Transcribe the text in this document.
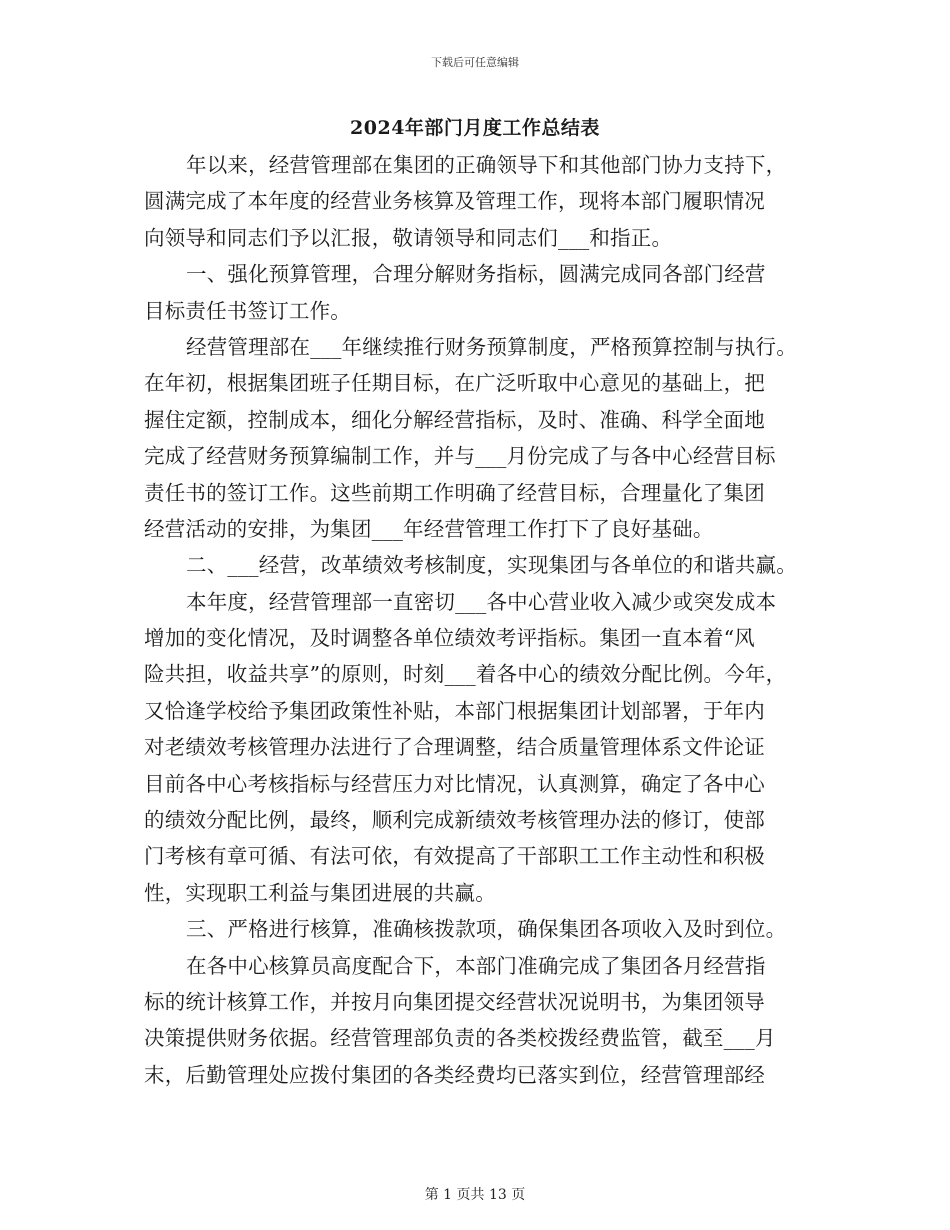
下载后可任意编辑
2024年部门月度工作总结表
年以来，经营管理部在集团的正确领导下和其他部门协力支持下，
圆满完成了本年度的经营业务核算及管理工作，现将本部门履职情况
向领导和同志们予以汇报，敬请领导和同志们___和指正。
一、强化预算管理，合理分解财务指标，圆满完成同各部门经营
目标责任书签订工作。
经营管理部在___年继续推行财务预算制度，严格预算控制与执行。
在年初，根据集团班子任期目标，在广泛听取中心意见的基础上，把
握住定额，控制成本，细化分解经营指标，及时、准确、科学全面地
完成了经营财务预算编制工作，并与___月份完成了与各中心经营目标
责任书的签订工作。这些前期工作明确了经营目标，合理量化了集团
经营活动的安排，为集团___年经营管理工作打下了良好基础。
二、___经营，改革绩效考核制度，实现集团与各单位的和谐共赢。
本年度，经营管理部一直密切___各中心营业收入减少或突发成本
增加的变化情况，及时调整各单位绩效考评指标。集团一直本着“风
险共担，收益共享”的原则，时刻___着各中心的绩效分配比例。今年，
又恰逢学校给予集团政策性补贴，本部门根据集团计划部署，于年内
对老绩效考核管理办法进行了合理调整，结合质量管理体系文件论证
目前各中心考核指标与经营压力对比情况，认真测算，确定了各中心
的绩效分配比例，最终，顺利完成新绩效考核管理办法的修订，使部
门考核有章可循、有法可依，有效提高了干部职工工作主动性和积极
性，实现职工利益与集团进展的共赢。
三、严格进行核算，准确核拨款项，确保集团各项收入及时到位。
在各中心核算员高度配合下，本部门准确完成了集团各月经营指
标的统计核算工作，并按月向集团提交经营状况说明书，为集团领导
决策提供财务依据。经营管理部负责的各类校拨经费监管，截至___月
末，后勤管理处应拨付集团的各类经费均已落实到位，经营管理部经
第 1 页共 13 页
